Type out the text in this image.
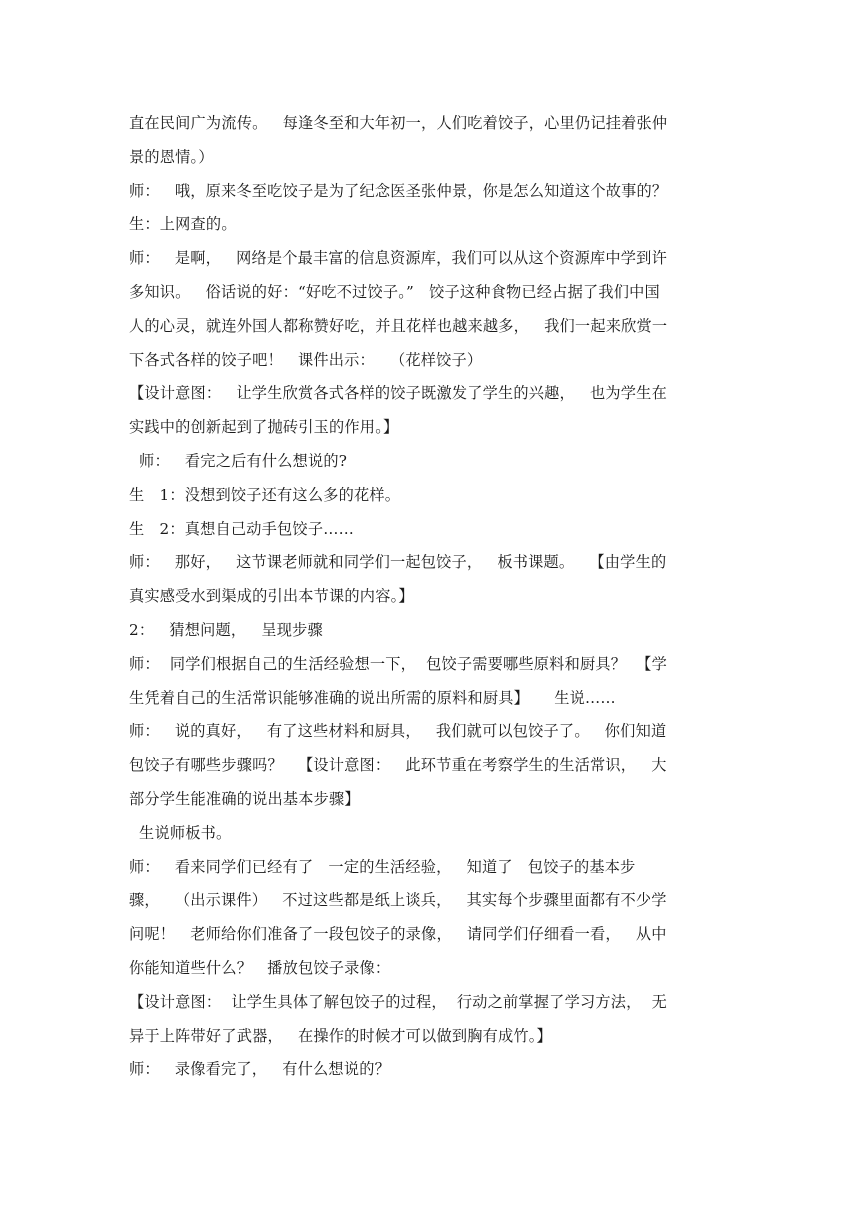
直在民间广为流传。   每逢冬至和大年初一，人们吃着饺子，心里仍记挂着张仲
景的恩情。）
师：   哦，原来冬至吃饺子是为了纪念医圣张仲景，你是怎么知道这个故事的？
生：上网查的。
师：   是啊，   网络是个最丰富的信息资源库，我们可以从这个资源库中学到许
多知识。   俗话说的好：“好吃不过饺子。”   饺子这种食物已经占据了我们中国
人的心灵，就连外国人都称赞好吃，并且花样也越来越多，   我们一起来欣赏一
下各式各样的饺子吧！   课件出示：   （花样饺子）
【设计意图：   让学生欣赏各式各样的饺子既激发了学生的兴趣，   也为学生在
实践中的创新起到了抛砖引玉的作用。】
师：   看完之后有什么想说的?
生   1：没想到饺子还有这么多的花样。
生   2：真想自己动手包饺子……
师：   那好，   这节课老师就和同学们一起包饺子，   板书课题。   【由学生的
真实感受水到渠成的引出本节课的内容。】
2：   猜想问题，   呈现步骤
师：  同学们根据自己的生活经验想一下，  包饺子需要哪些原料和厨具？  【学
生凭着自己的生活常识能够准确的说出所需的原料和厨具】     生说……
师：   说的真好，   有了这些材料和厨具，   我们就可以包饺子了。   你们知道
包饺子有哪些步骤吗？   【设计意图：   此环节重在考察学生的生活常识，   大
部分学生能准确的说出基本步骤】
生说师板书。
师：   看来同学们已经有了   一定的生活经验，   知道了   包饺子的基本步
骤，   （出示课件）   不过这些都是纸上谈兵，   其实每个步骤里面都有不少学
问呢！   老师给你们准备了一段包饺子的录像，   请同学们仔细看一看，   从中
你能知道些什么？   播放包饺子录像：
【设计意图：  让学生具体了解包饺子的过程，  行动之前掌握了学习方法，  无
异于上阵带好了武器，   在操作的时候才可以做到胸有成竹。】
师：   录像看完了，   有什么想说的？
